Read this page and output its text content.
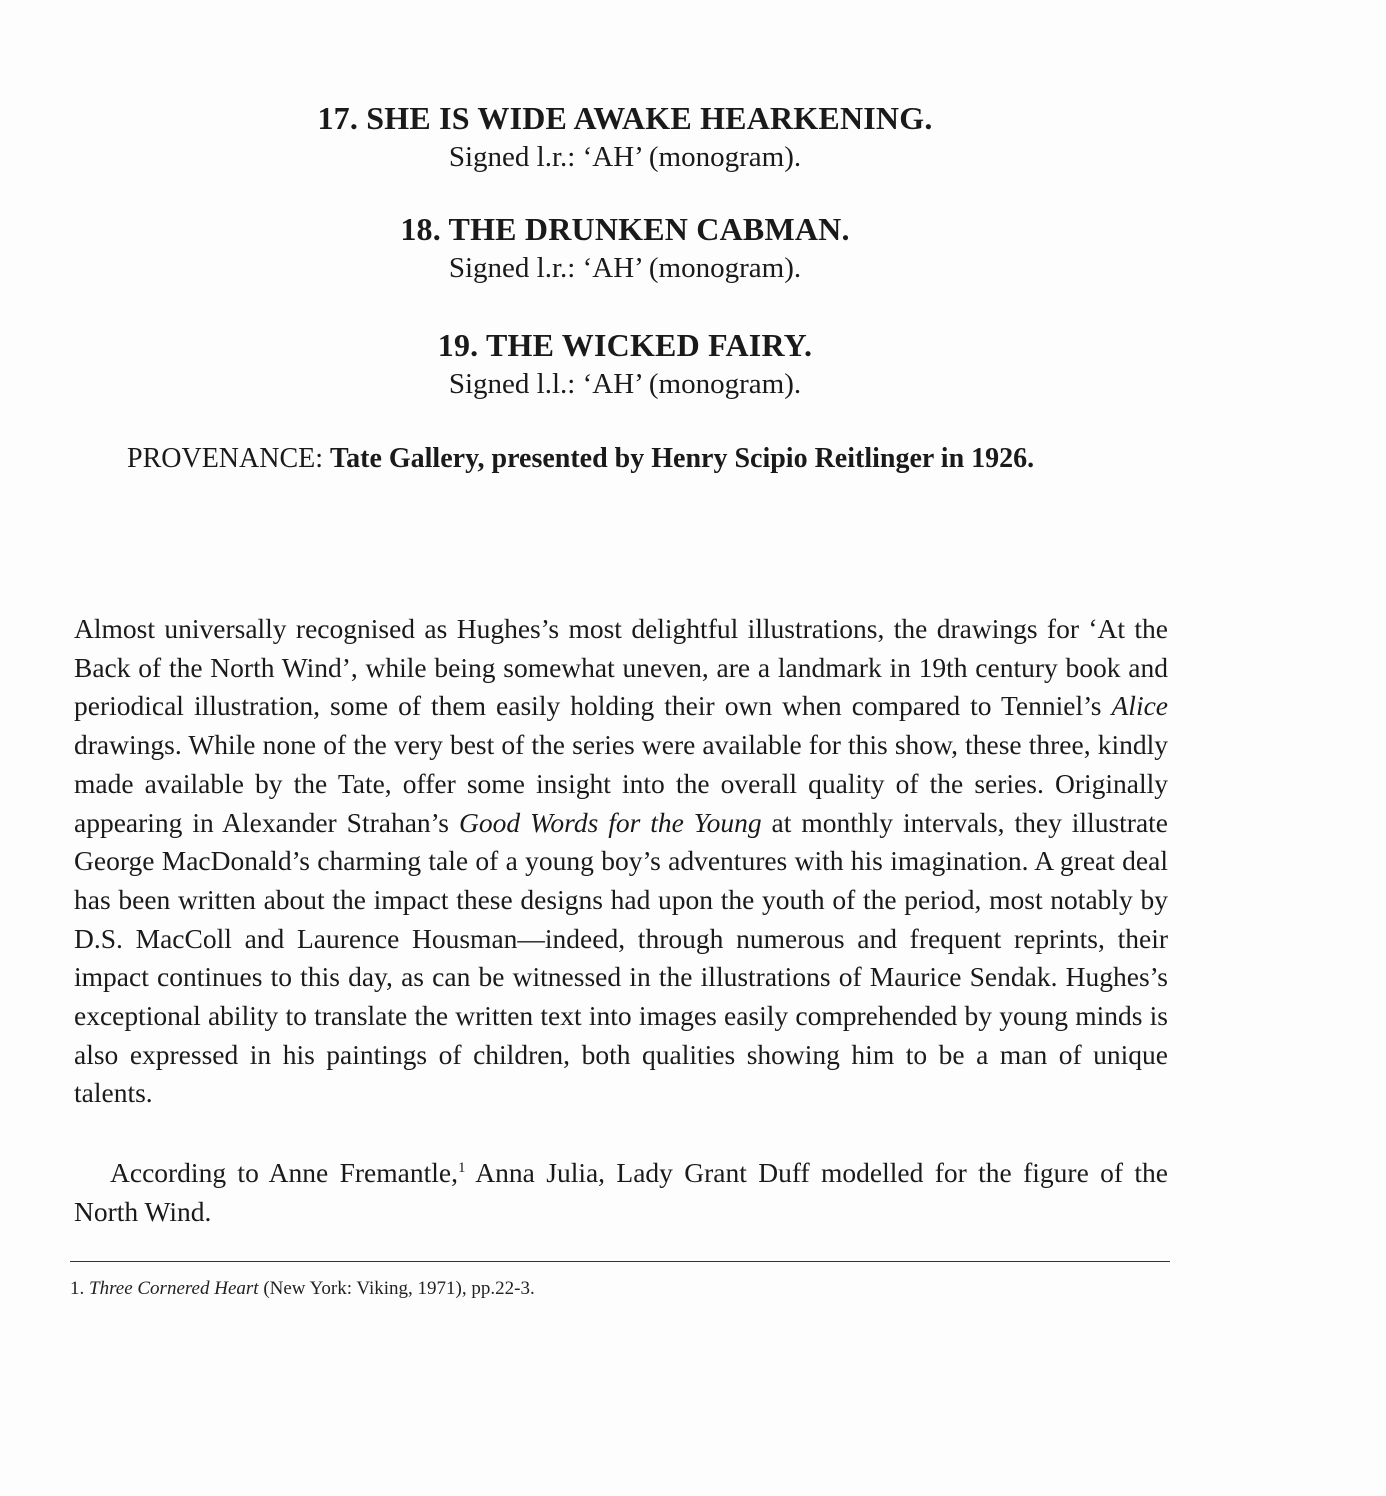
17. SHE IS WIDE AWAKE HEARKENING.
Signed l.r.: ‘AH’ (monogram).
18. THE DRUNKEN CABMAN.
Signed l.r.: ‘AH’ (monogram).
19. THE WICKED FAIRY.
Signed l.l.: ‘AH’ (monogram).
PROVENANCE: Tate Gallery, presented by Henry Scipio Reitlinger in 1926.
Almost universally recognised as Hughes’s most delightful illustrations, the drawings for ‘At the Back of the North Wind’, while being somewhat uneven, are a landmark in 19th century book and periodical illustration, some of them easily holding their own when compared to Tenniel’s Alice drawings. While none of the very best of the series were available for this show, these three, kindly made available by the Tate, offer some insight into the overall quality of the series. Originally appearing in Alexander Strahan’s Good Words for the Young at monthly intervals, they illustrate George MacDonald’s charming tale of a young boy’s adventures with his imagination. A great deal has been written about the impact these designs had upon the youth of the period, most notably by D.S. MacColl and Laurence Housman—indeed, through numerous and frequent reprints, their impact continues to this day, as can be witnessed in the illustrations of Maurice Sendak. Hughes’s exceptional ability to translate the written text into images easily comprehended by young minds is also expressed in his paintings of children, both qualities showing him to be a man of unique talents.
According to Anne Fremantle,$^1$ Anna Julia, Lady Grant Duff modelled for the figure of the North Wind.
1. Three Cornered Heart (New York: Viking, 1971), pp.22-3.
